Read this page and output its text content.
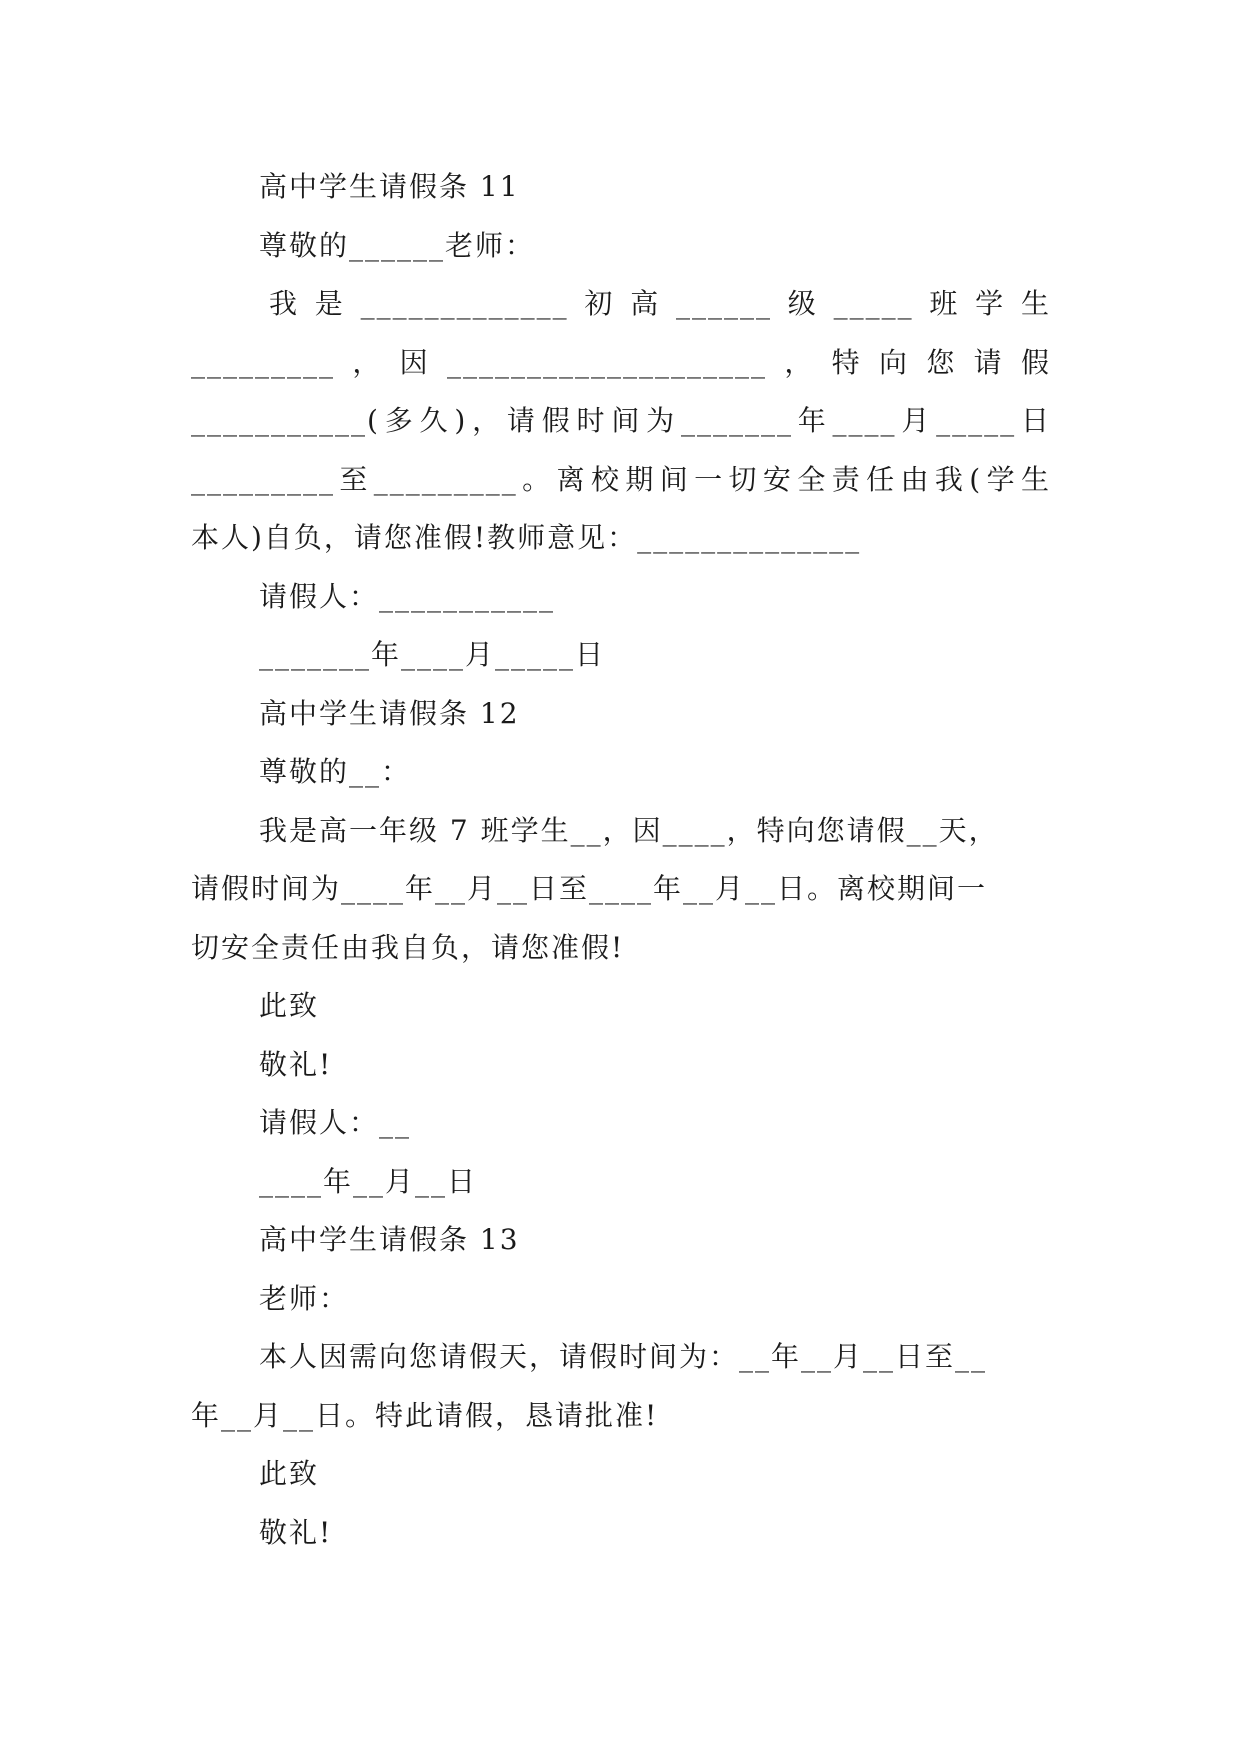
高中学生请假条 11
尊敬的______老师：
我是_____________初高______级_____班学生
_________，因____________________，特向您请假
___________(多久)，请假时间为_______年____月_____日
_________至_________。离校期间一切安全责任由我(学生
本人)自负，请您准假!教师意见：______________
请假人：___________
_______年____月_____日
高中学生请假条 12
尊敬的__：
我是高一年级 7 班学生__，因____，特向您请假__天，
请假时间为____年__月__日至____年__月__日。离校期间一
切安全责任由我自负，请您准假!
此致
敬礼!
请假人：__
____年__月__日
高中学生请假条 13
老师：
本人因需向您请假天，请假时间为：__年__月__日至__
年__月__日。特此请假，恳请批准!
此致
敬礼!
